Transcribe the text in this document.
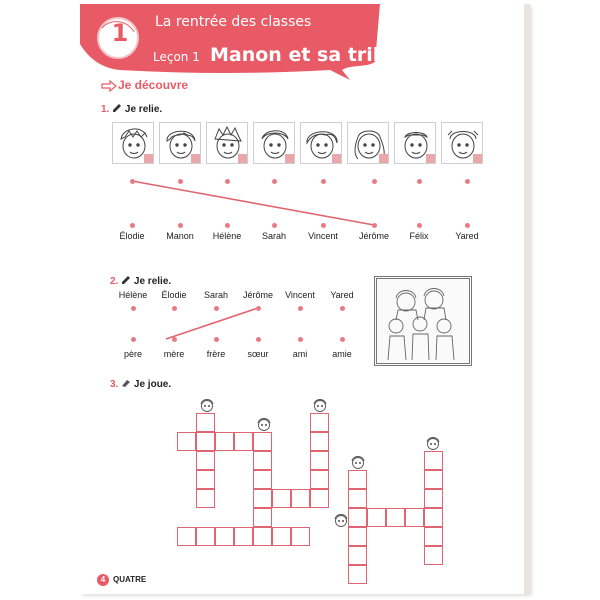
1	La rentrée des classes
Leçon 1 Manon et sa tribu
Je découvre
1. Je relie.
Élodie	Manon	Hélène	Sarah	Vincent	Jérôme	Félix	Yared
2. Je relie.
Hélène	Élodie	Sarah	Jérôme	Vincent	Yared
père	mère	frère	sœur	ami	amie
3. Je joue.
4 QUATRE
